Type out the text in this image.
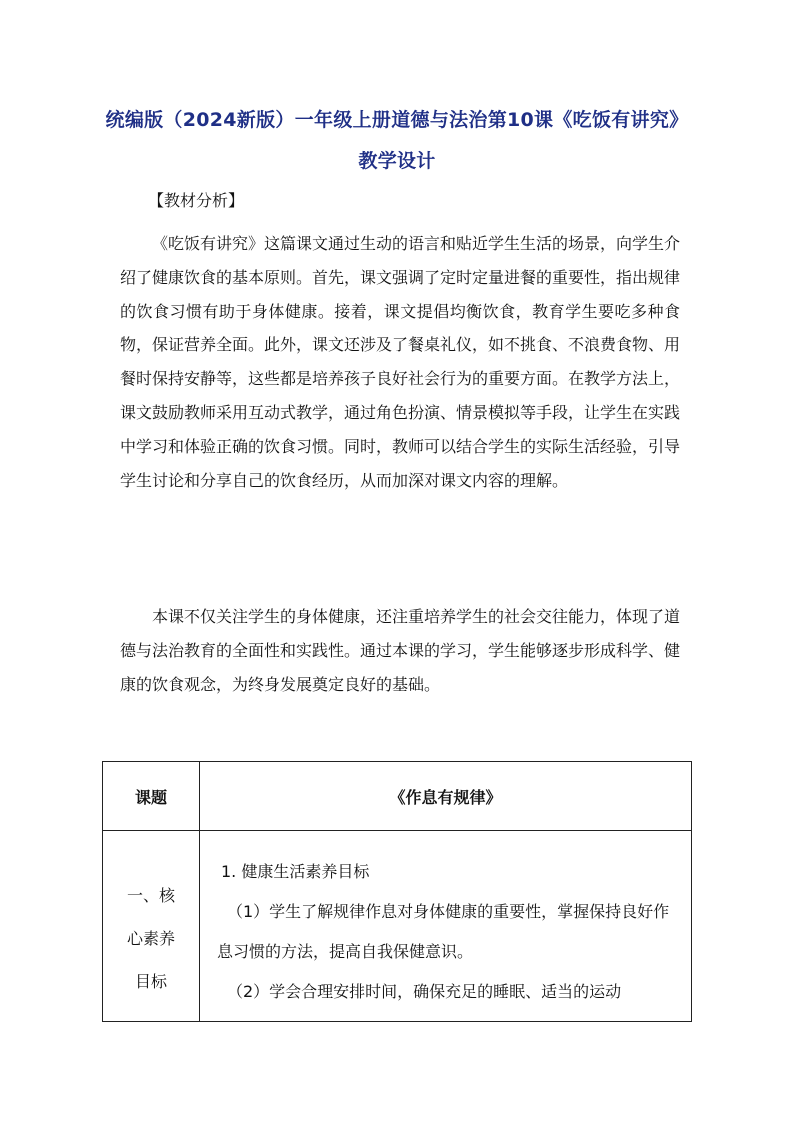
统编版（2024新版）一年级上册道德与法治第10课《吃饭有讲究》
教学设计
【教材分析】
《吃饭有讲究》这篇课文通过生动的语言和贴近学生生活的场景，向学生介绍了健康饮食的基本原则。首先，课文强调了定时定量进餐的重要性，指出规律的饮食习惯有助于身体健康。接着，课文提倡均衡饮食，教育学生要吃多种食物，保证营养全面。此外，课文还涉及了餐桌礼仪，如不挑食、不浪费食物、用餐时保持安静等，这些都是培养孩子良好社会行为的重要方面。在教学方法上，课文鼓励教师采用互动式教学，通过角色扮演、情景模拟等手段，让学生在实践中学习和体验正确的饮食习惯。同时，教师可以结合学生的实际生活经验，引导学生讨论和分享自己的饮食经历，从而加深对课文内容的理解。
本课不仅关注学生的身体健康，还注重培养学生的社会交往能力，体现了道德与法治教育的全面性和实践性。通过本课的学习，学生能够逐步形成科学、健康的饮食观念，为终身发展奠定良好的基础。
课题	《作息有规律》

一、核心素养目标	1. 健康生活素养目标
（1）学生了解规律作息对身体健康的重要性，掌握保持良好作息习惯的方法，提高自我保健意识。
（2）学会合理安排时间，确保充足的睡眠、适当的运动
